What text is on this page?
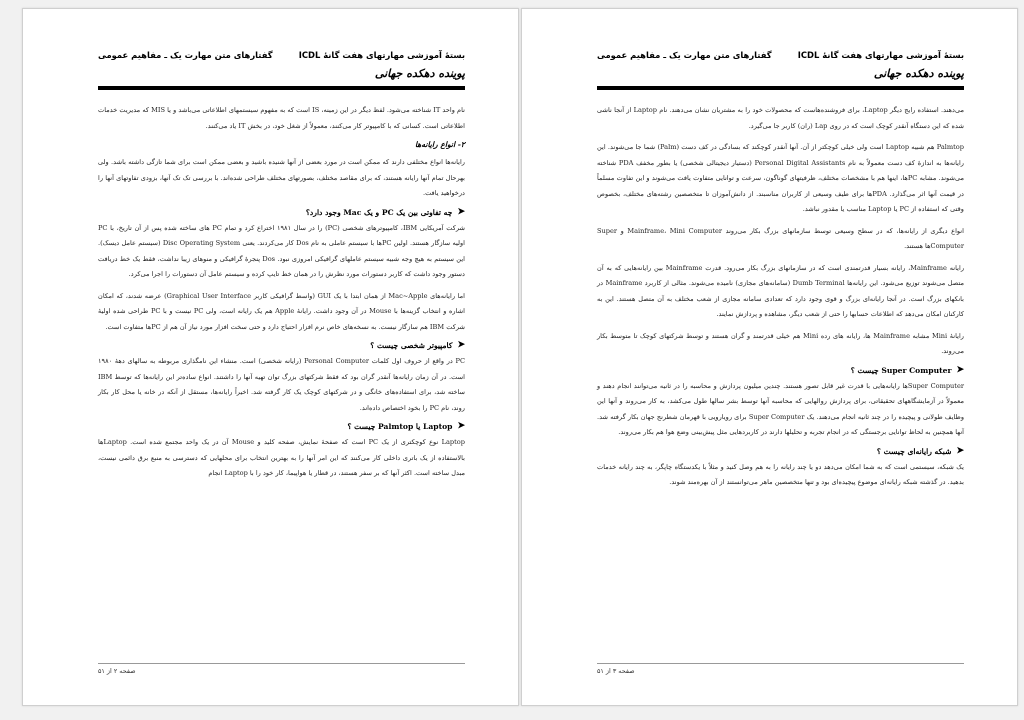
بستهٔ آموزشی مهارتهای هفت گانهٔ ICDL
گفتارهای متن مهارت یک ـ مفاهیم عمومی
پوینده دهکده جهانی

نام واحد IT شناخته می‌شود. لفظ دیگر در این زمینه، IS است که به مفهوم سیستمهای اطلاعاتی می‌باشد و یا MIS که مدیریت خدمات اطلاعاتی است. کسانی که با کامپیوتر کار می‌کنند، معمولاً از شغل خود، در بخش IT یاد می‌کنند.

۲- انواع رایانه‌ها

رایانه‌ها انواع مختلفی دارند که ممکن است در مورد بعضی از آنها شنیده باشید و بعضی ممکن است برای شما تازگی داشته باشد. ولی بهرحال تمام آنها رایانه هستند، که برای مقاصد مختلف، بصورتهای مختلف طراحی شده‌اند. با بررسی تک تک آنها، بزودی تفاوتهای آنها را درخواهید یافت.

➤
چه تفاوتی بین یک PC و یک Mac وجود دارد؟

شرکت آمریکایی IBM، کامپیوترهای شخصی (PC) را در سال ۱۹۸۱ اختراع کرد و تمام PC های ساخته شده پس از آن تاریخ، با PC اولیه سازگار هستند. اولین PCها با سیستم عاملی به نام Dos کار می‌کردند. یعنی Disc Operating System (سیستم عامل دیسک). این سیستم به هیچ وجه شبیه سیستم عاملهای گرافیکی امروزی نبود. Dos پنجرهٔ گرافیکی و منوهای زیبا نداشت، فقط یک خط دریافت دستور وجود داشت که کاربر دستورات مورد نظرش را در همان خط تایپ کرده و سیستم عامل آن دستورات را اجرا می‌کرد.

اما رایانه‌های Mac~Apple از همان ابتدا با یک GUI (واسط گرافیکی کاربر Graphical User Interface) عرضه شدند، که امکان اشاره و انتخاب گزینه‌ها با Mouse در آن وجود داشت. رایانهٔ Apple هم یک رایانه است، ولی PC نیست و با PC طراحی شده اولیهٔ شرکت IBM هم سازگار نیست. به نسخه‌های خاص نرم افزار احتیاج دارد و حتی سخت افزار مورد نیاز آن هم از PCها متفاوت است.

➤
کامپیوتر شخصی چیست ؟

PC در واقع از حروف اول کلمات Personal Computer (رایانه شخصی) است. منشاء این نامگذاری مربوطه به سالهای دههٔ ۱۹۸۰ است. در آن زمان رایانه‌ها آنقدر گران بود که فقط شرکتهای بزرگ توان تهیه آنها را داشتند. انواع ساده‌تر این رایانه‌ها که توسط IBM ساخته شد، برای استفاده‌های خانگی و در شرکتهای کوچک یک کار گرفته شد. اخیراً رایانه‌ها، مستقل از آنکه در خانه یا محل کار بکار روند، نام PC را بخود اختصاص داده‌اند.

➤
Laptop یا Palmtop چیست ؟

Laptop نوع کوچکتری از یک PC است که صفحهٔ نمایش، صفحه کلید و Mouse آن در یک واحد مجتمع شده است. Laptopها بالاستفاده از یک باتری داخلی کار می‌کنند که این امر آنها را به بهترین انتخاب برای محلهایی که دسترسی به منبع برق دائمی نیست، مبدل ساخته است. اکثر آنها که بر سفر هستند، در قطار یا هواپیما، کار خود را با Laptop انجام

صفحه ۲ از ۵۱
بستهٔ آموزشی مهارتهای هفت گانهٔ ICDL
گفتارهای متن مهارت یک ـ مفاهیم عمومی
پوینده دهکده جهانی

می‌دهند. استفاده رایج دیگر Laptop، برای فروشنده‌هاست که محصولات خود را به مشتریان نشان می‌دهند. نام Laptop از آنجا ناشی شده که این دستگاه آنقدر کوچک است که در روی Lap (ران) کاربر جا می‌گیرد.

Palmtop هم شبیه Laptop است ولی خیلی کوچکتر از آن. آنها آنقدر کوچکند که بسادگی در کف دست (Palm) شما جا می‌شوند. این رایانه‌ها به اندازهٔ کف دست معمولاً به نام Personal Digital Assistants (دستیار دیجیتالی شخصی) یا بطور مخفف PDA شناخته می‌شوند. مشابه PCها، اینها هم با مشخصات مختلف، ظرفیتهای گوناگون، سرعت و توانایی متفاوت یافت می‌شوند و این تفاوت مسلماً در قیمت آنها اثر می‌گذارد. PDAها برای طیف وسیعی از کاربران مناسبند. از دانش‌آموزان تا متخصصین رشته‌های مختلف، بخصوص وقتی که استفاده از PC یا Laptop مناسب یا مقدور نباشد.

انواع دیگری از رایانه‌ها، که در سطح وسیعی توسط سازمانهای بزرگ بکار می‌روند Mainframe، Mini Computer و Super Computerها هستند.

رایانه Mainframe، رایانه بسیار قدرتمندی است که در سازمانهای بزرگ بکار می‌رود. قدرت Mainframe بین رایانه‌هایی که به آن متصل می‌شوند توزیع می‌شود. این رایانه‌ها Dumb Terminal (سامانه‌های مجازی) نامیده می‌شوند. مثالی از کاربرد Mainframe در بانکهای بزرگ است. در آنجا رایانه‌ای بزرگ و قوی وجود دارد که تعدادی سامانه مجازی از شعب مختلف به آن متصل هستند. این به کارکنان امکان می‌دهد که اطلاعات حسابها را حتی از شعب دیگر، مشاهده و پردازش نمایند.

رایانهٔ Mini مشابه Mainframe ها، رایانه های رده Mini هم خیلی قدرتمند و گران هستند و توسط شرکتهای کوچک تا متوسط بکار می‌روند.

➤
Super Computer چیست ؟

Super Computerها رایانه‌هایی با قدرت غیر قابل تصور هستند. چندین میلیون پردازش و محاسبه را در ثانیه می‌توانند انجام دهند و معمولاً در آزمایشگاههای تحقیقاتی، برای پردازش روالهایی که محاسبه آنها توسط بشر سالها طول می‌کشد، به کار می‌روند و آنها این وظایف طولانی و پیچیده را در چند ثانیه انجام می‌دهند. یک Super Computer برای رویارویی با قهرمان شطرنج جهان بکار گرفته شد. آنها همچنین به لحاظ توانایی برجستگی که در انجام تجربه و تحلیلها دارند در کاربردهایی مثل پیش‌بینی وضع هوا هم بکار می‌روند.

➤
شبکه رایانه‌ای چیست ؟

یک شبکه، سیستمی است که به شما امکان می‌دهد دو یا چند رایانه را به هم وصل کنید و مثلاً با یکدستگاه چاپگر، به چند رایانه خدمات بدهید. در گذشته شبکه رایانه‌ای موضوع پیچیده‌ای بود و تنها متخصصین ماهر می‌توانستند از آن بهره‌مند شوند.

صفحه ۳ از ۵۱
